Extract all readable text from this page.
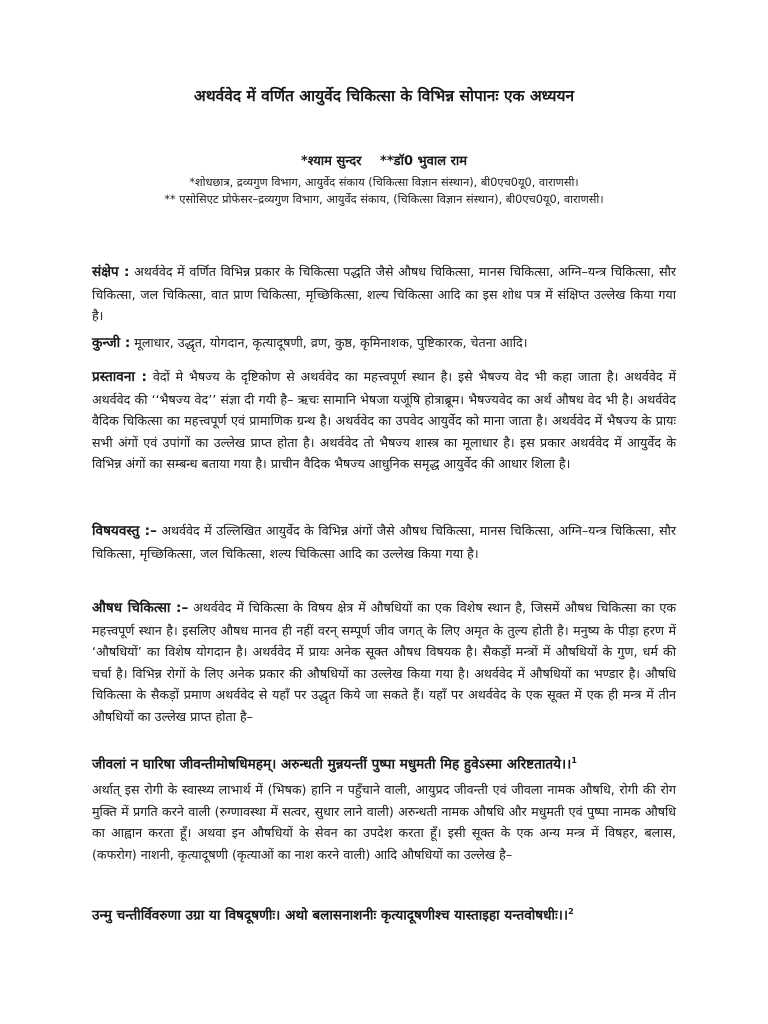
अथर्ववेद में वर्णित आयुर्वेद चिकित्सा के विभिन्न सोपानः एक अध्ययन
*श्याम सुन्दर **डॉ0 भुवाल राम
*शोधछात्र, द्रव्यगुण विभाग, आयुर्वेद संकाय (चिकित्सा विज्ञान संस्थान), बी0एच0यू0, वाराणसी।
** एसोसिएट प्रोफेसर–द्रव्यगुण विभाग, आयुर्वेद संकाय, (चिकित्सा विज्ञान संस्थान), बी0एच0यू0, वाराणसी।

संक्षेप : अथर्ववेद में वर्णित विभिन्न प्रकार के चिकित्सा पद्धति जैसे औषध चिकित्सा, मानस चिकित्सा, अग्नि–यन्त्र चिकित्सा, सौर चिकित्सा, जल चिकित्सा, वात प्राण चिकित्सा, मृच्छिकित्सा, शल्य चिकित्सा आदि का इस शोध पत्र में संक्षिप्त उल्लेख किया गया है।

कुन्जी : मूलाधार, उद्धृत, योगदान, कृत्यादूषणी, व्रण, कुष्ठ, कृमिनाशक, पुष्टिकारक, चेतना आदि।

प्रस्तावना : वेदों मे भैषज्य के दृष्टिकोण से अथर्ववेद का महत्त्वपूर्ण स्थान है। इसे भैषज्य वेद भी कहा जाता है। अथर्ववेद में अथर्ववेद की ‘‘भैषज्य वेद’’ संज्ञा दी गयी है– ऋचः सामानि भेषजा यजूंषि होत्राब्रूम। भैषज्यवेद का अर्थ औषध वेद भी है। अथर्ववेद वैदिक चिकित्सा का महत्त्वपूर्ण एवं प्रामाणिक ग्रन्थ है। अथर्ववेद का उपवेद आयुर्वेद को माना जाता है। अथर्ववेद में भैषज्य के प्रायः सभी अंगों एवं उपांगों का उल्लेख प्राप्त होता है। अथर्ववेद तो भैषज्य शास्त्र का मूलाधार है। इस प्रकार अथर्ववेद में आयुर्वेद के विभिन्न अंगों का सम्बन्ध बताया गया है। प्राचीन वैदिक भैषज्य आधुनिक समृद्ध आयुर्वेद की आधार शिला है।

विषयवस्तु :– अथर्ववेद में उल्लिखित आयुर्वेद के विभिन्न अंगों जैसे औषध चिकित्सा, मानस चिकित्सा, अग्नि–यन्त्र चिकित्सा, सौर चिकित्सा, मृच्छिकित्सा, जल चिकित्सा, शल्य चिकित्सा आदि का उल्लेख किया गया है।

औषध चिकित्सा :– अथर्ववेद में चिकित्सा के विषय क्षेत्र में औषधियों का एक विशेष स्थान है, जिसमें औषध चिकित्सा का एक महत्त्वपूर्ण स्थान है। इसलिए औषध मानव ही नहीं वरन् सम्पूर्ण जीव जगत् के लिए अमृत के तुल्य होती है। मनुष्य के पीड़ा हरण में ‘औषधियों’ का विशेष योगदान है। अथर्ववेद में प्रायः अनेक सूक्त औषध विषयक है। सैकड़ों मन्त्रों में औषधियों के गुण, धर्म की चर्चा है। विभिन्न रोगों के लिए अनेक प्रकार की औषधियों का उल्लेख किया गया है। अथर्ववेद में औषधियों का भण्डार है। औषधि चिकित्सा के सैकड़ों प्रमाण अथर्ववेद से यहाँ पर उद्धृत किये जा सकते हैं। यहाँ पर अथर्ववेद के एक सूक्त में एक ही मन्त्र में तीन औषधियों का उल्लेख प्राप्त होता है–

जीवलां न घारिषा जीवन्तीमोषधिमहम्। अरुन्धती मुन्नयन्तीं पुष्पा मधुमती मिह हुवेऽस्मा अरिष्टतातये।।$^1$

अर्थात् इस रोगी के स्वास्थ्य लाभार्थ में (भिषक) हानि न पहुँचाने वाली, आयुप्रद जीवन्ती एवं जीवला नामक औषधि, रोगी की रोग मुक्ति में प्रगति करने वाली (रुग्णावस्था में सत्वर, सुधार लाने वाली) अरुन्धती नामक औषधि और मधुमती एवं पुष्पा नामक औषधि का आह्वान करता हूँ। अथवा इन औषधियों के सेवन का उपदेश करता हूँ। इसी सूक्त के एक अन्य मन्त्र में विषहर, बलास, (कफरोग) नाशनी, कृत्यादूषणी (कृत्याओं का नाश करने वाली) आदि औषधियों का उल्लेख है–

उन्मु चन्तीर्विवरुणा उग्रा या विषदूषणीः। अथो बलासनाशनीः कृत्यादूषणीश्च यास्ताइहा यन्तवोषधीः।।$^2$
